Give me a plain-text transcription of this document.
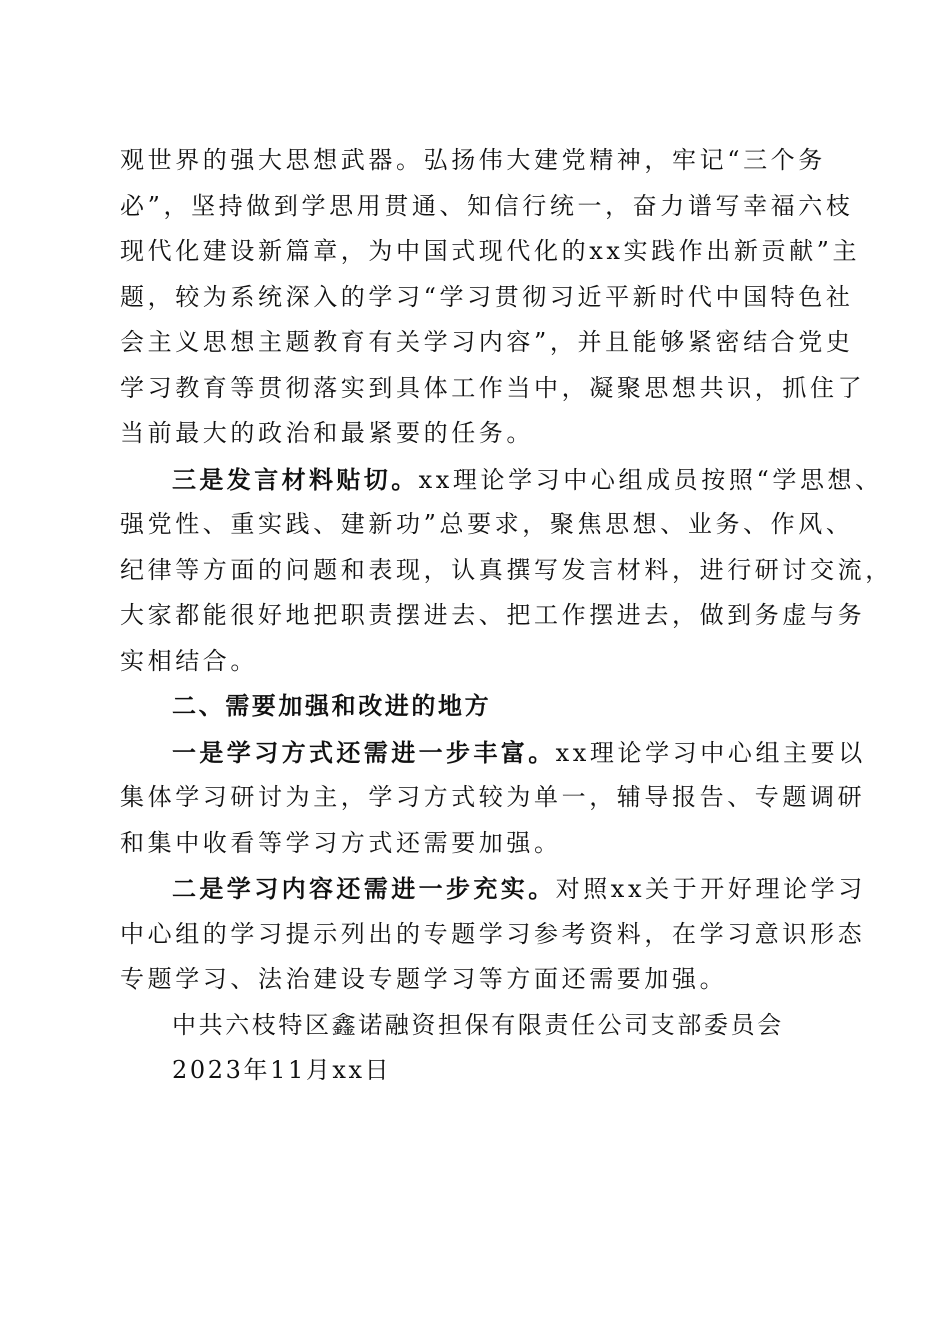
观世界的强大思想武器。弘扬伟大建党精神，牢记“三个务
必”，坚持做到学思用贯通、知信行统一，奋力谱写幸福六枝
现代化建设新篇章，为中国式现代化的xx实践作出新贡献”主
题，较为系统深入的学习“学习贯彻习近平新时代中国特色社
会主义思想主题教育有关学习内容”，并且能够紧密结合党史
学习教育等贯彻落实到具体工作当中，凝聚思想共识，抓住了
当前最大的政治和最紧要的任务。
三是发言材料贴切。xx理论学习中心组成员按照“学思想、
强党性、重实践、建新功”总要求，聚焦思想、业务、作风、
纪律等方面的问题和表现，认真撰写发言材料，进行研讨交流，
大家都能很好地把职责摆进去、把工作摆进去，做到务虚与务
实相结合。
二、需要加强和改进的地方
一是学习方式还需进一步丰富。xx理论学习中心组主要以
集体学习研讨为主，学习方式较为单一，辅导报告、专题调研
和集中收看等学习方式还需要加强。
二是学习内容还需进一步充实。对照xx关于开好理论学习
中心组的学习提示列出的专题学习参考资料，在学习意识形态
专题学习、法治建设专题学习等方面还需要加强。
中共六枝特区鑫诺融资担保有限责任公司支部委员会
2023年11月xx日
